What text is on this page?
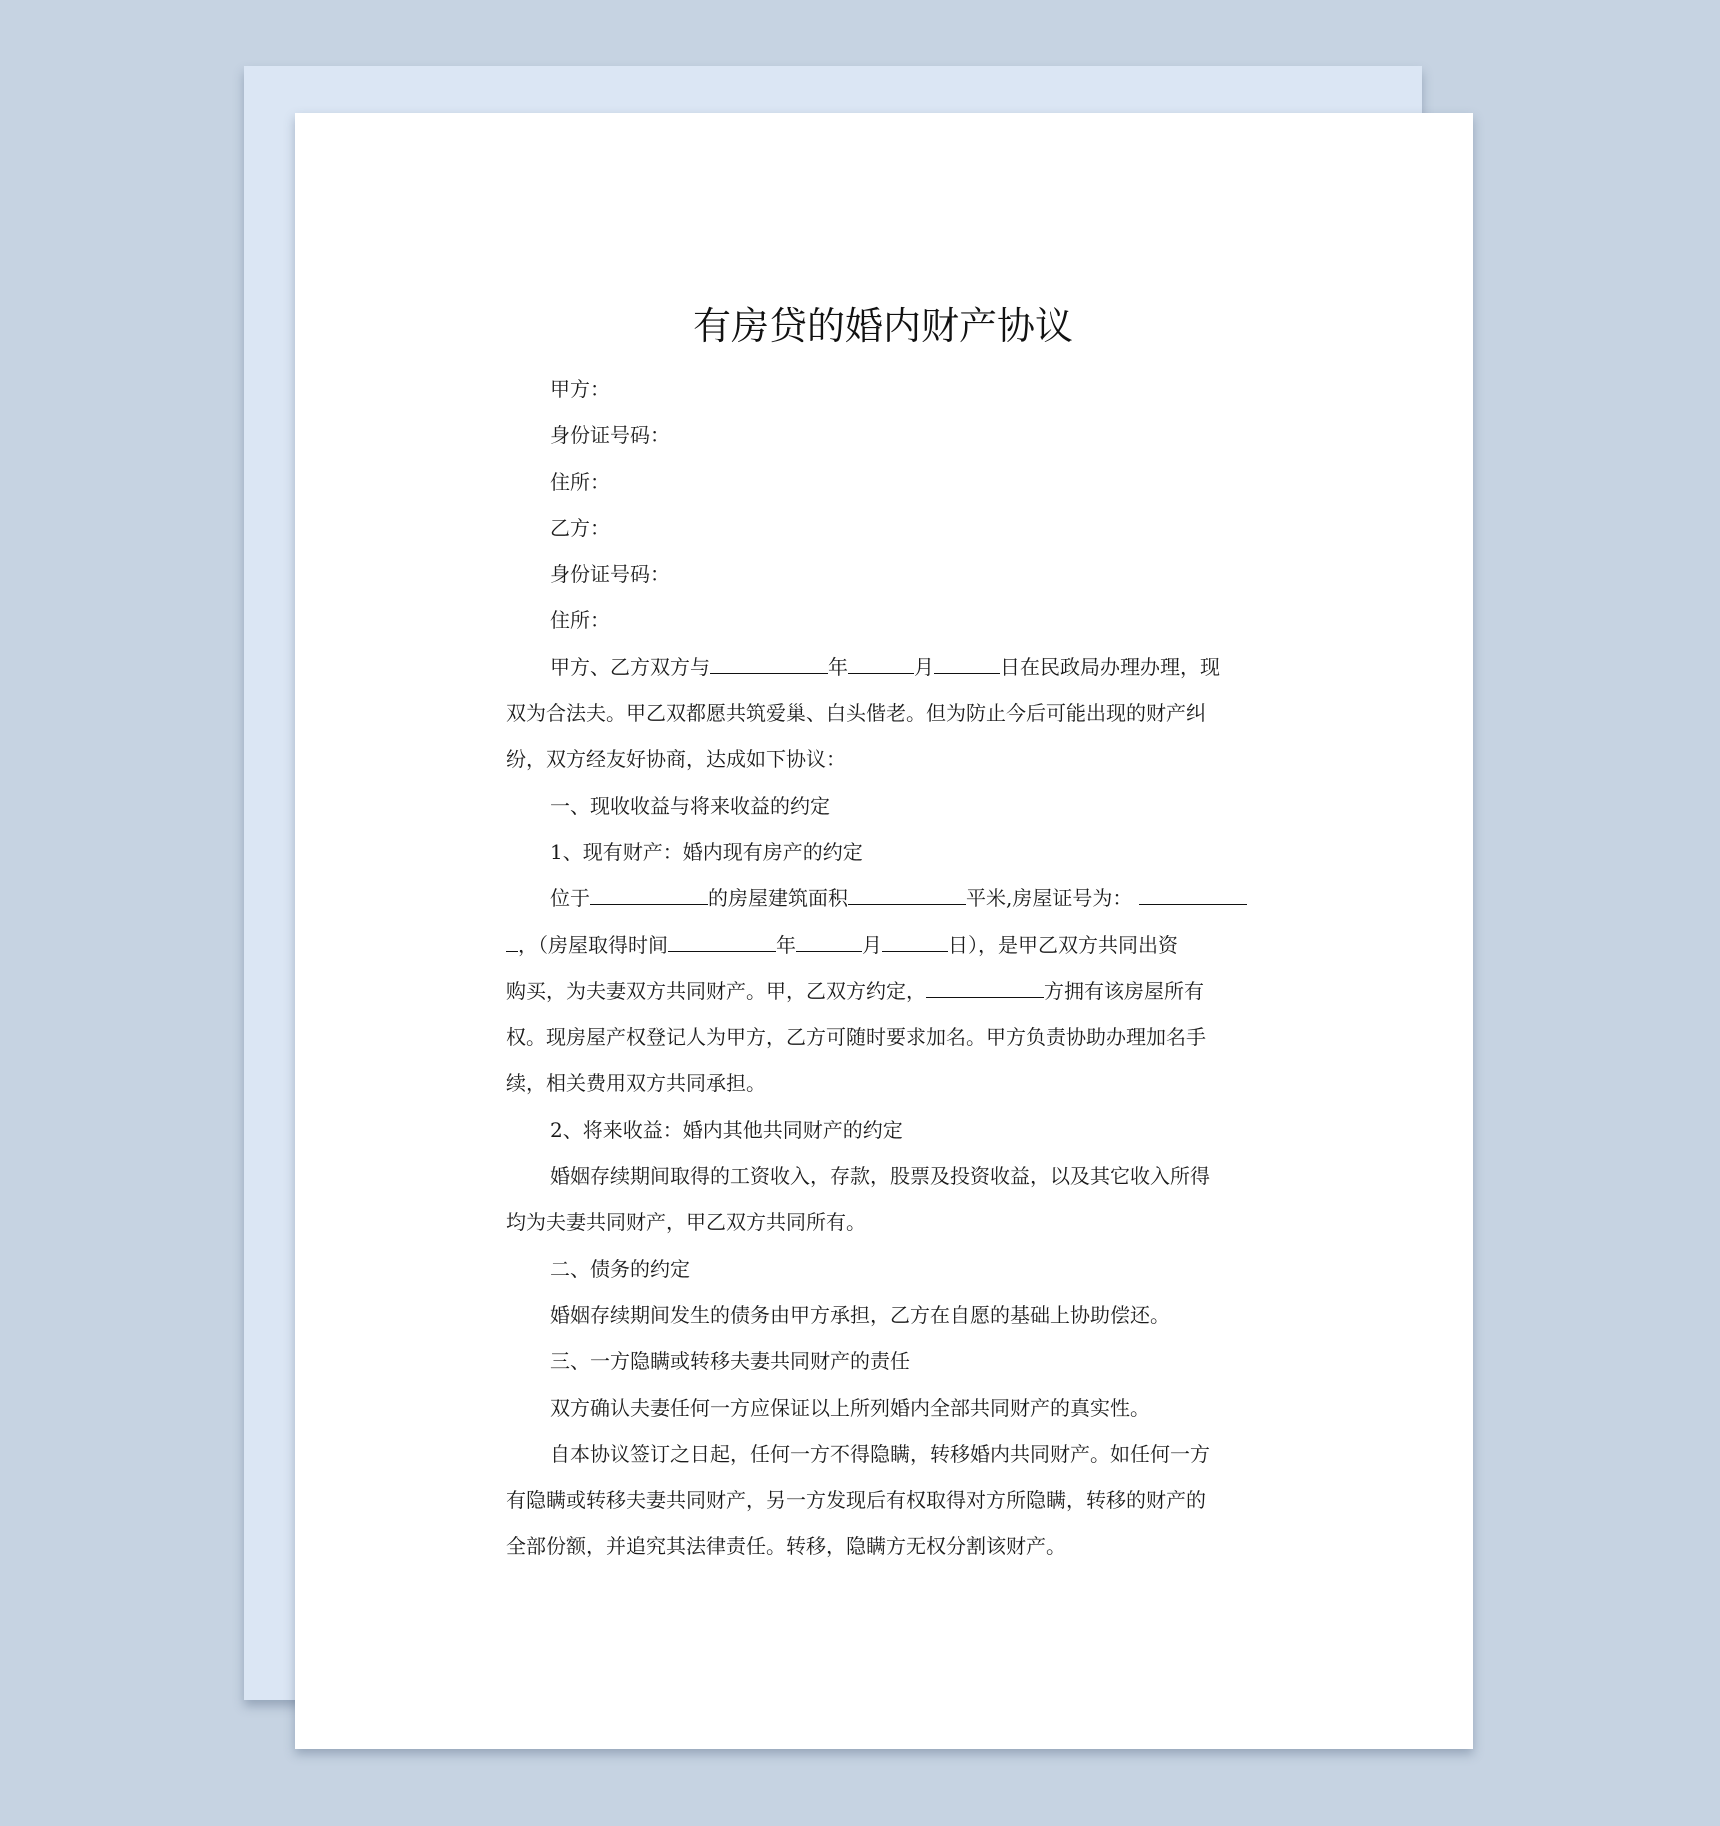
有房贷的婚内财产协议

甲方：

身份证号码：

住所：

乙方：

身份证号码：

住所：

甲方、乙方双方与	年	月	日在民政局办理办理，现

双为合法夫。甲乙双都愿共筑爱巢、白头偕老。但为防止今后可能出现的财产纠

纷，双方经友好协商，达成如下协议：

一、现收收益与将来收益的约定

1、现有财产：婚内现有房产的约定

位于	的房屋建筑面积	平米,房屋证号为：

，（房屋取得时间	年	月	日），是甲乙双方共同出资

购买，为夫妻双方共同财产。甲，乙双方约定，	方拥有该房屋所有

权。现房屋产权登记人为甲方，乙方可随时要求加名。甲方负责协助办理加名手

续，相关费用双方共同承担。

2、将来收益：婚内其他共同财产的约定

婚姻存续期间取得的工资收入，存款，股票及投资收益，以及其它收入所得

均为夫妻共同财产，甲乙双方共同所有。

二、债务的约定

婚姻存续期间发生的债务由甲方承担，乙方在自愿的基础上协助偿还。

三、一方隐瞒或转移夫妻共同财产的责任

双方确认夫妻任何一方应保证以上所列婚内全部共同财产的真实性。

自本协议签订之日起，任何一方不得隐瞒，转移婚内共同财产。如任何一方

有隐瞒或转移夫妻共同财产，另一方发现后有权取得对方所隐瞒，转移的财产的

全部份额，并追究其法律责任。转移，隐瞒方无权分割该财产。
